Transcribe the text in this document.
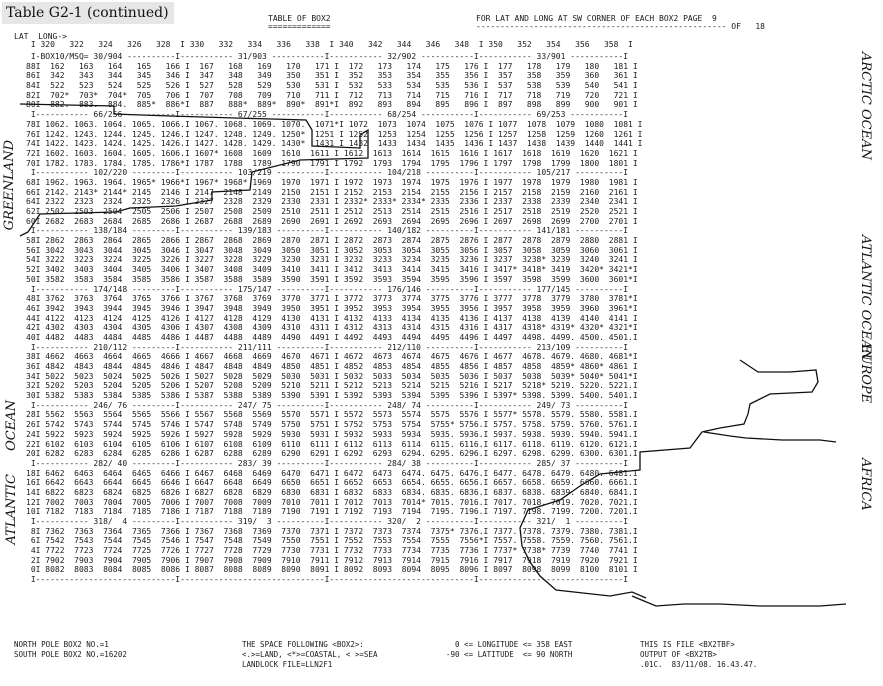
Table G2-1 (continued)	TABLE OF BOX2
=============
FOR LAT AND LONG AT SW CORNER OF EACH BOX2 PAGE  9
---------------------------------------------------- OF   18
LAT  LONG->
I 320   322   324   326   328  I 330   332   334   336   338  I 340   342   344   346   348  I 350   352   354   356   358  I
I-BOX10/MSQ= 30/904 ----------I----------- 31/903 -----------I----------- 32/902 -----------I----------- 33/901 -----------I
88I  162   163   164   165   166 I  167   168   169   170   171 I  172   173   174   175   176 I  177   178   179   180   181 I
86I  342   343   344   345   346 I  347   348   349   350   351 I  352   353   354   355   356 I  357   358   359   360   361 I
84I  522   523   524   525   526 I  527   528   529   530   531 I  532   533   534   535   536 I  537   538   539   540   541 I
82I  702*  703*  704*  705   706 I  707   708   709   710   711 I  712   713   714   715   716 I  717   718   719   720   721 I
80I  882.  883.  884.  885*  886*I  887   888*  889*  890*  891*I  892   893   894   895   896 I  897   898   899   900   901 I
I----------- 66/256 ----------I----------- 67/255 -----------I----------- 68/254 -----------I----------- 69/253 -----------I
78I 1062. 1063. 1064. 1065. 1066.I 1067. 1068. 1069. 1070.  1071*I 1072  1073  1074  1075  1076 I 1077  1078  1079  1080  1081 I
76I 1242. 1243. 1244. 1245. 1246.I 1247. 1248. 1249. 1250*  1251 I 1252  1253  1254  1255  1256 I 1257  1258  1259  1260  1261 I
74I 1422. 1423. 1424. 1425. 1426.I 1427. 1428. 1429. 1430*  1431 I 1432  1433  1434  1435  1436 I 1437  1438  1439  1440  1441 I
72I 1602. 1603. 1604. 1605. 1606.I 1607* 1608  1609  1610  1611 I 1612  1613  1614  1615  1616 I 1617  1618  1619  1620  1621 I
70I 1782. 1783. 1784. 1785. 1786*I 1787  1788  1789  1790  1791 I 1792  1793  1794  1795  1796 I 1797  1798  1799  1800  1801 I
I----------- 102/220 ---------I----------- 103/219 ----------I----------- 104/218 ----------I----------- 105/217 ----------I
68I 1962. 1963. 1964. 1965* 1966*I 1967* 1968* 1969  1970  1971 I 1972  1973  1974  1975  1976 I 1977  1978  1979  1980  1981 I
66I 2142. 2143* 2144* 2145  2146 I 2147  2148  2149  2150  2151 I 2152  2153  2154  2155  2156 I 2157  2158  2159  2160  2161 I
64I 2322  2323  2324  2325  2326 I 2327  2328  2329  2330  2331 I 2332* 2333* 2334* 2335  2336 I 2337  2338  2339  2340  2341 I
62I 2502  2503  2504  2505  2506 I 2507  2508  2509  2510  2511 I 2512  2513  2514  2515  2516 I 2517  2518  2519  2520  2521 I
60I 2682  2683  2684  2685  2686 I 2687  2688  2689  2690  2691 I 2692  2693  2694  2695  2696 I 2697  2698  2699  2700  2701 I
I----------- 138/184 ---------I----------- 139/183 ----------I----------- 140/182 ----------I----------- 141/181 ----------I
58I 2862  2863  2864  2865  2866 I 2867  2868  2869  2870  2871 I 2872  2873  2874  2875  2876 I 2877  2878  2879  2880  2881 I
56I 3042  3043  3044  3045  3046 I 3047  3048  3049  3050  3051 I 3052  3053  3054  3055  3056 I 3057  3058  3059  3060  3061 I
54I 3222  3223  3224  3225  3226 I 3227  3228  3229  3230  3231 I 3232  3233  3234  3235  3236 I 3237  3238* 3239  3240  3241 I
52I 3402  3403  3404  3405  3406 I 3407  3408  3409  3410  3411 I 3412  3413  3414  3415  3416 I 3417* 3418* 3419  3420* 3421*I
50I 3582  3583  3584  3585  3586 I 3587  3588  3589  3590  3591 I 3592  3593  3594  3595  3596 I 3597  3598  3599  3600  3601*I
I----------- 174/148 ---------I----------- 175/147 ----------I----------- 176/146 ----------I----------- 177/145 ----------I
48I 3762  3763  3764  3765  3766 I 3767  3768  3769  3770  3771 I 3772  3773  3774  3775  3776 I 3777  3778  3779  3780  3781*I
46I 3942  3943  3944  3945  3946 I 3947  3948  3949  3950  3951 I 3952  3953  3954  3955  3956 I 3957  3958  3959  3960  3961*I
44I 4122  4123  4124  4125  4126 I 4127  4128  4129  4130  4131 I 4132  4133  4134  4135  4136 I 4137  4138  4139  4140  4141 I
42I 4302  4303  4304  4305  4306 I 4307  4308  4309  4310  4311 I 4312  4313  4314  4315  4316 I 4317  4318* 4319* 4320* 4321*I
40I 4482  4483  4484  4485  4486 I 4487  4488  4489  4490  4491 I 4492  4493  4494  4495  4496 I 4497  4498. 4499. 4500. 4501.I
I----------- 210/112 ---------I----------- 211/111 ----------I----------- 212/110 ----------I----------- 213/109 ----------I
38I 4662  4663  4664  4665  4666 I 4667  4668  4669  4670  4671 I 4672  4673  4674  4675  4676 I 4677  4678. 4679. 4680. 4681*I
36I 4842  4843  4844  4845  4846 I 4847  4848  4849  4850  4851 I 4852  4853  4854  4855  4856 I 4857  4858  4859* 4860* 4861 I
34I 5022  5023  5024  5025  5026 I 5027  5028  5029  5030  5031 I 5032  5033  5034  5035  5036 I 5037  5038  5039* 5040* 5041*I
32I 5202  5203  5204  5205  5206 I 5207  5208  5209  5210  5211 I 5212  5213  5214  5215  5216 I 5217  5218* 5219. 5220. 5221.I
30I 5382  5383  5384  5385  5386 I 5387  5388  5389  5390  5391 I 5392  5393  5394  5395  5396 I 5397* 5398. 5399. 5400. 5401.I
I----------- 246/ 76 ---------I----------- 247/ 75 ----------I----------- 248/ 74 ----------I----------- 249/ 73 ----------I
28I 5562  5563  5564  5565  5566 I 5567  5568  5569  5570  5571 I 5572  5573  5574  5575  5576 I 5577* 5578. 5579. 5580. 5581.I
26I 5742  5743  5744  5745  5746 I 5747  5748  5749  5750  5751 I 5752  5753  5754  5755* 5756.I 5757. 5758. 5759. 5760. 5761.I
24I 5922  5923  5924  5925  5926 I 5927  5928  5929  5930  5931 I 5932  5933  5934  5935. 5936.I 5937. 5938. 5939. 5940. 5941.I
22I 6102  6103  6104  6105  6106 I 6107  6108  6109  6110  6111 I 6112  6113  6114  6115. 6116.I 6117. 6118. 6119. 6120. 6121.I
20I 6282  6283  6284  6285  6286 I 6287  6288  6289  6290  6291 I 6292  6293  6294. 6295. 6296.I 6297. 6298. 6299. 6300. 6301.I
I----------- 282/ 40 ---------I----------- 283/ 39 ----------I----------- 284/ 38 ----------I----------- 285/ 37 ----------I
18I 6462  6463  6464  6465  6466 I 6467  6468  6469  6470  6471 I 6472  6473  6474. 6475. 6476.I 6477. 6478. 6479. 6480. 6481.I
16I 6642  6643  6644  6645  6646 I 6647  6648  6649  6650  6651 I 6652  6653  6654. 6655. 6656.I 6657. 6658. 6659. 6660. 6661.I
14I 6822  6823  6824  6825  6826 I 6827  6828  6829  6830  6831 I 6832  6833  6834. 6835. 6836.I 6837. 6838. 6839. 6840. 6841.I
12I 7002  7003  7004  7005  7006 I 7007  7008  7009  7010  7011 I 7012  7013  7014* 7015. 7016.I 7017. 7018. 7019. 7020. 7021.I
10I 7182  7183  7184  7185  7186 I 7187  7188  7189  7190  7191 I 7192  7193  7194  7195. 7196.I 7197. 7198. 7199. 7200. 7201.I
I----------- 318/  4 ---------I----------- 319/  3 ----------I----------- 320/  2 ----------I----------- 321/  1 ----------I
8I 7362  7363  7364  7365  7366 I 7367  7368  7369  7370  7371 I 7372  7373  7374  7375* 7376.I 7377. 7378. 7379. 7380. 7381.I
6I 7542  7543  7544  7545  7546 I 7547  7548  7549  7550  7551 I 7552  7553  7554  7555  7556*I 7557. 7558. 7559. 7560. 7561.I
4I 7722  7723  7724  7725  7726 I 7727  7728  7729  7730  7731 I 7732  7733  7734  7735  7736 I 7737* 7738* 7739  7740  7741 I
2I 7902  7903  7904  7905  7906 I 7907  7908  7909  7910  7911 I 7912  7913  7914  7915  7916 I 7917  7918  7919  7920  7921 I
0I 8082  8083  8084  8085  8086 I 8087  8088  8089  8090  8091 I 8092  8093  8094  8095  8096 I 8097  8098  8099  8100  8101 I
I-----------------------------I------------------------------I------------------------------I------------------------------I
NORTH POLE BOX2 NO.=1
SOUTH POLE BOX2 NO.=16202
THE SPACE FOLLOWING <BOX2>:
<.>=LAND, <*>=COASTAL, < >=SEA
LANDLOCK FILE=LLN2F1
0 <= LONGITUDE <= 358 EAST
-90 <= LATITUDE  <= 90 NORTH
THIS IS FILE <BX2TBF>
OUTPUT OF <BX2TB>
.01C.  83/11/08. 16.43.47.
GREENLAND
ARCTIC OCEAN
ATLANTIC OCEAN
EUROPE
OCEAN
ATLANTIC	AFRICA
